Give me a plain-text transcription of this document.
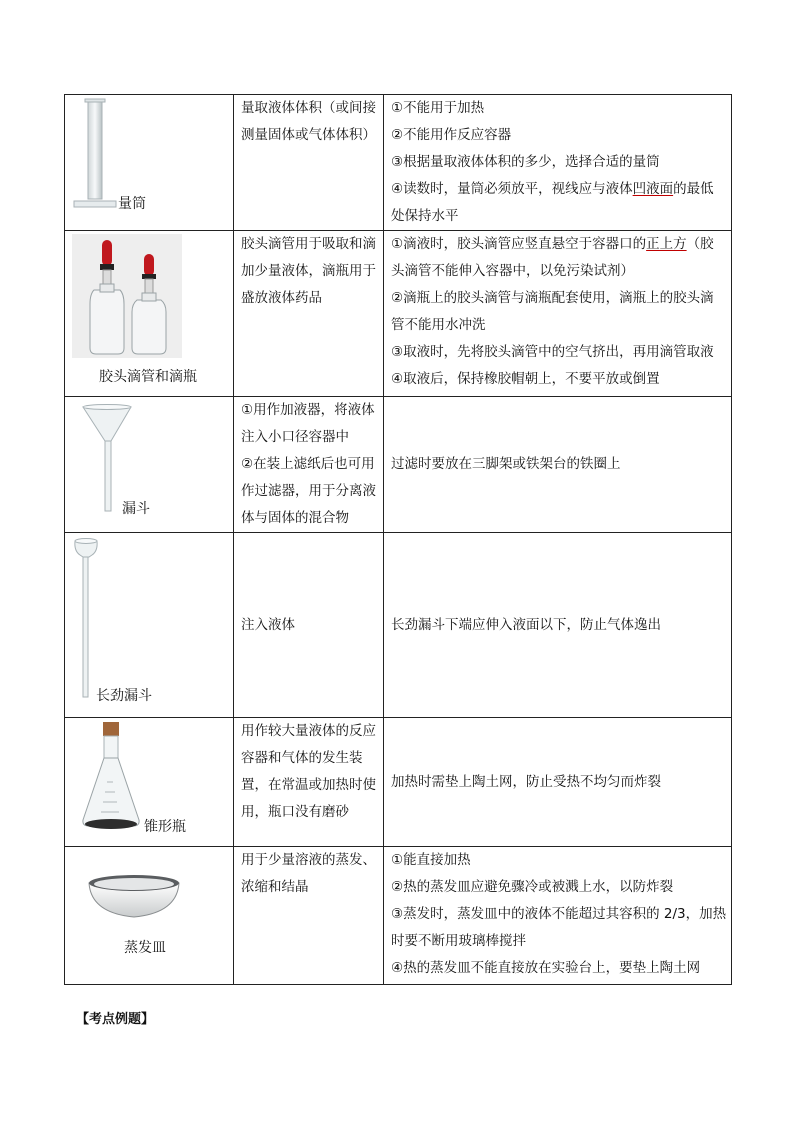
量筒	量取液体体积（或间接测量固体或气体体积）	①不能用于加热

②不能用作反应容器

③根据量取液体体积的多少，选择合适的量筒

④读数时，量筒必须放平，视线应与液体凹液面的最低处保持水平

胶头滴管和滴瓶	胶头滴管用于吸取和滴加少量液体，滴瓶用于盛放液体药品	①滴液时，胶头滴管应竖直悬空于容器口的正上方（胶头滴管不能伸入容器中，以免污染试剂）

②滴瓶上的胶头滴管与滴瓶配套使用，滴瓶上的胶头滴管不能用水冲洗

③取液时，先将胶头滴管中的空气挤出，再用滴管取液

④取液后，保持橡胶帽朝上，不要平放或倒置

漏斗	①用作加液器，将液体注入小口径容器中
②在装上滤纸后也可用作过滤器，用于分离液体与固体的混合物	过滤时要放在三脚架或铁架台的铁圈上

长劲漏斗	注入液体	长劲漏斗下端应伸入液面以下，防止气体逸出

锥形瓶	用作较大量液体的反应容器和气体的发生装置，在常温或加热时使用，瓶口没有磨砂	加热时需垫上陶土网，防止受热不均匀而炸裂

蒸发皿	用于少量溶液的蒸发、浓缩和结晶	①能直接加热

②热的蒸发皿应避免骤冷或被溅上水，以防炸裂

③蒸发时，蒸发皿中的液体不能超过其容积的 2/3，加热时要不断用玻璃棒搅拌

④热的蒸发皿不能直接放在实验台上，要垫上陶土网

【考点例题】
